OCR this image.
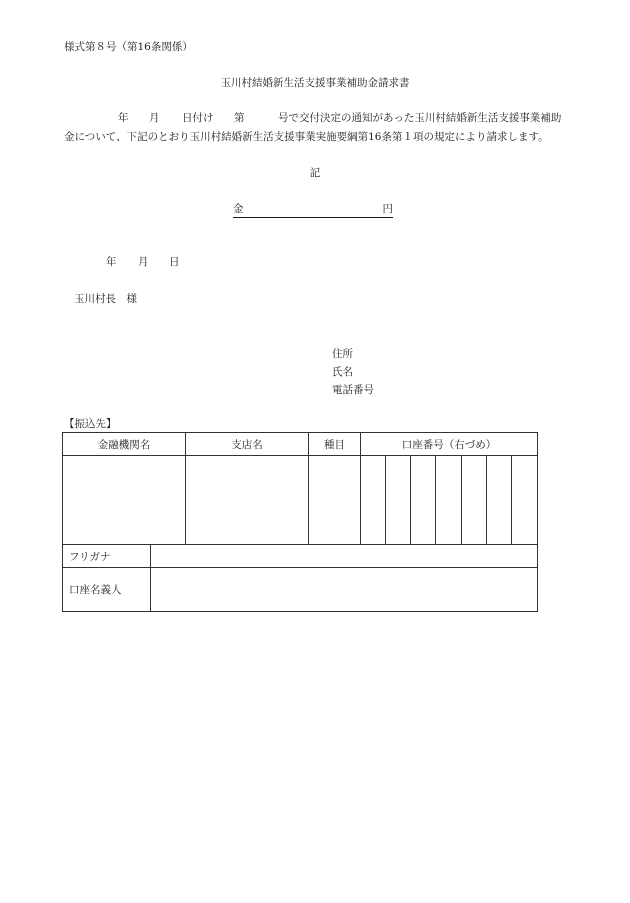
様式第８号（第16条関係）
玉川村結婚新生活支援事業補助金請求書
年 月 日付け 第	号で交付決定の通知があった玉川村結婚新生活支援事業補助
金について、下記のとおり玉川村結婚新生活支援事業実施要綱第16条第１項の規定により請求します。
記
金	円
年 月 日
玉川村長　様
住所
氏名
電話番号
【振込先】
金融機関名		支店名	種目	口座番号（右づめ）						

フリガナ										
口座名義人										
